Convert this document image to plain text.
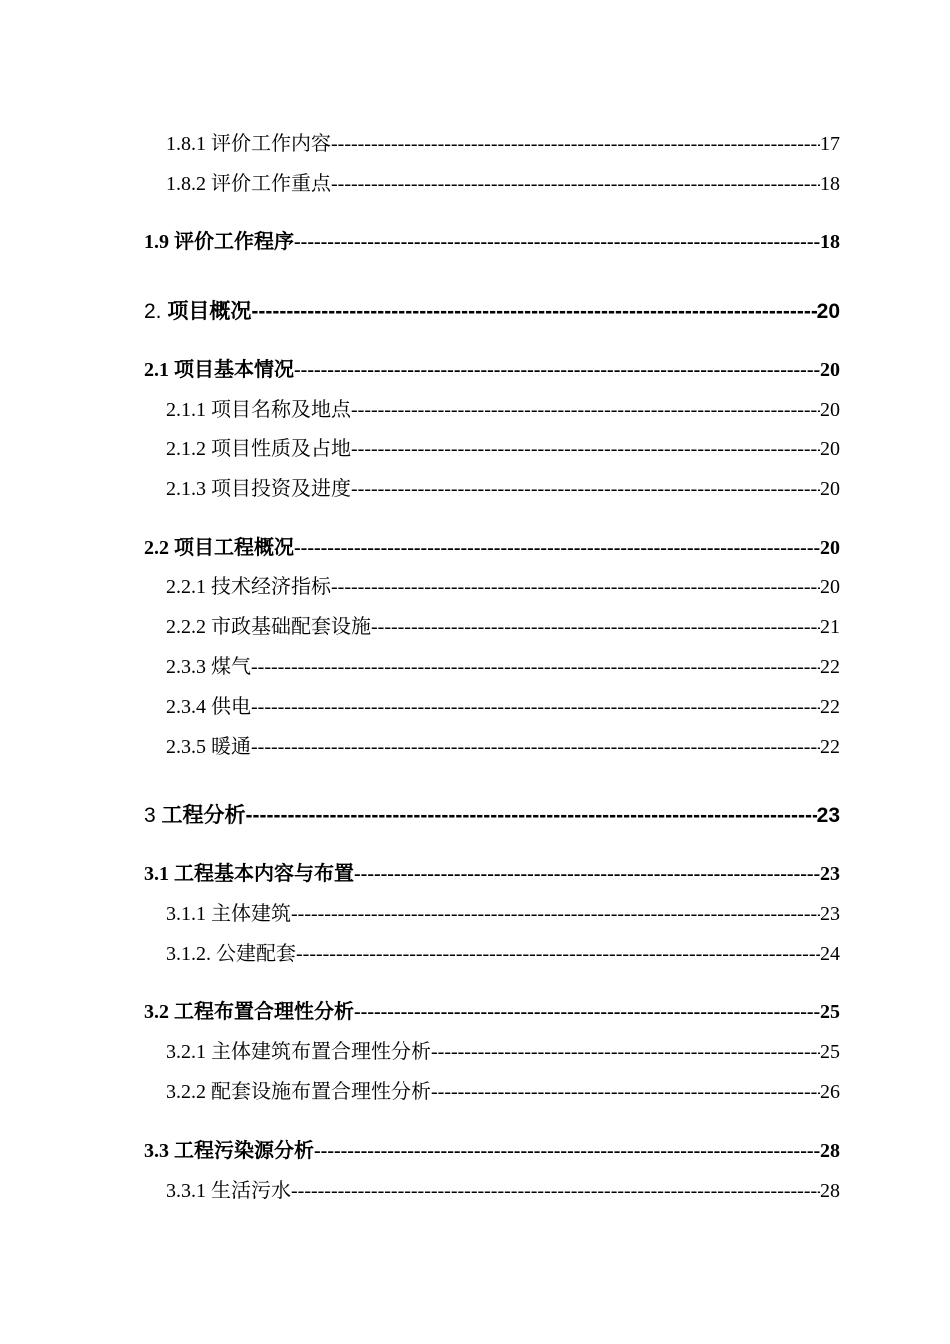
1.8.1 评价工作内容 -----	17
1.8.2 评价工作重点 -----	18
1.9 评价工作程序 -----	18
2. 项目概况 -----	20
2.1 项目基本情况 -----	20
2.1.1 项目名称及地点 -----	20
2.1.2 项目性质及占地 -----	20
2.1.3 项目投资及进度 -----	20
2.2 项目工程概况 -----	20
2.2.1 技术经济指标 -----	20
2.2.2 市政基础配套设施 -----	21
2.3.3 煤气 -----	22
2.3.4 供电 -----	22
2.3.5 暖通 -----	22
3 工程分析 -----	23
3.1 工程基本内容与布置 -----	23
3.1.1 主体建筑 -----	23
3.1.2. 公建配套 -----	24
3.2 工程布置合理性分析 -----	25
3.2.1 主体建筑布置合理性分析 -----	25
3.2.2 配套设施布置合理性分析 -----	26
3.3 工程污染源分析 -----	28
3.3.1 生活污水 -----	28
